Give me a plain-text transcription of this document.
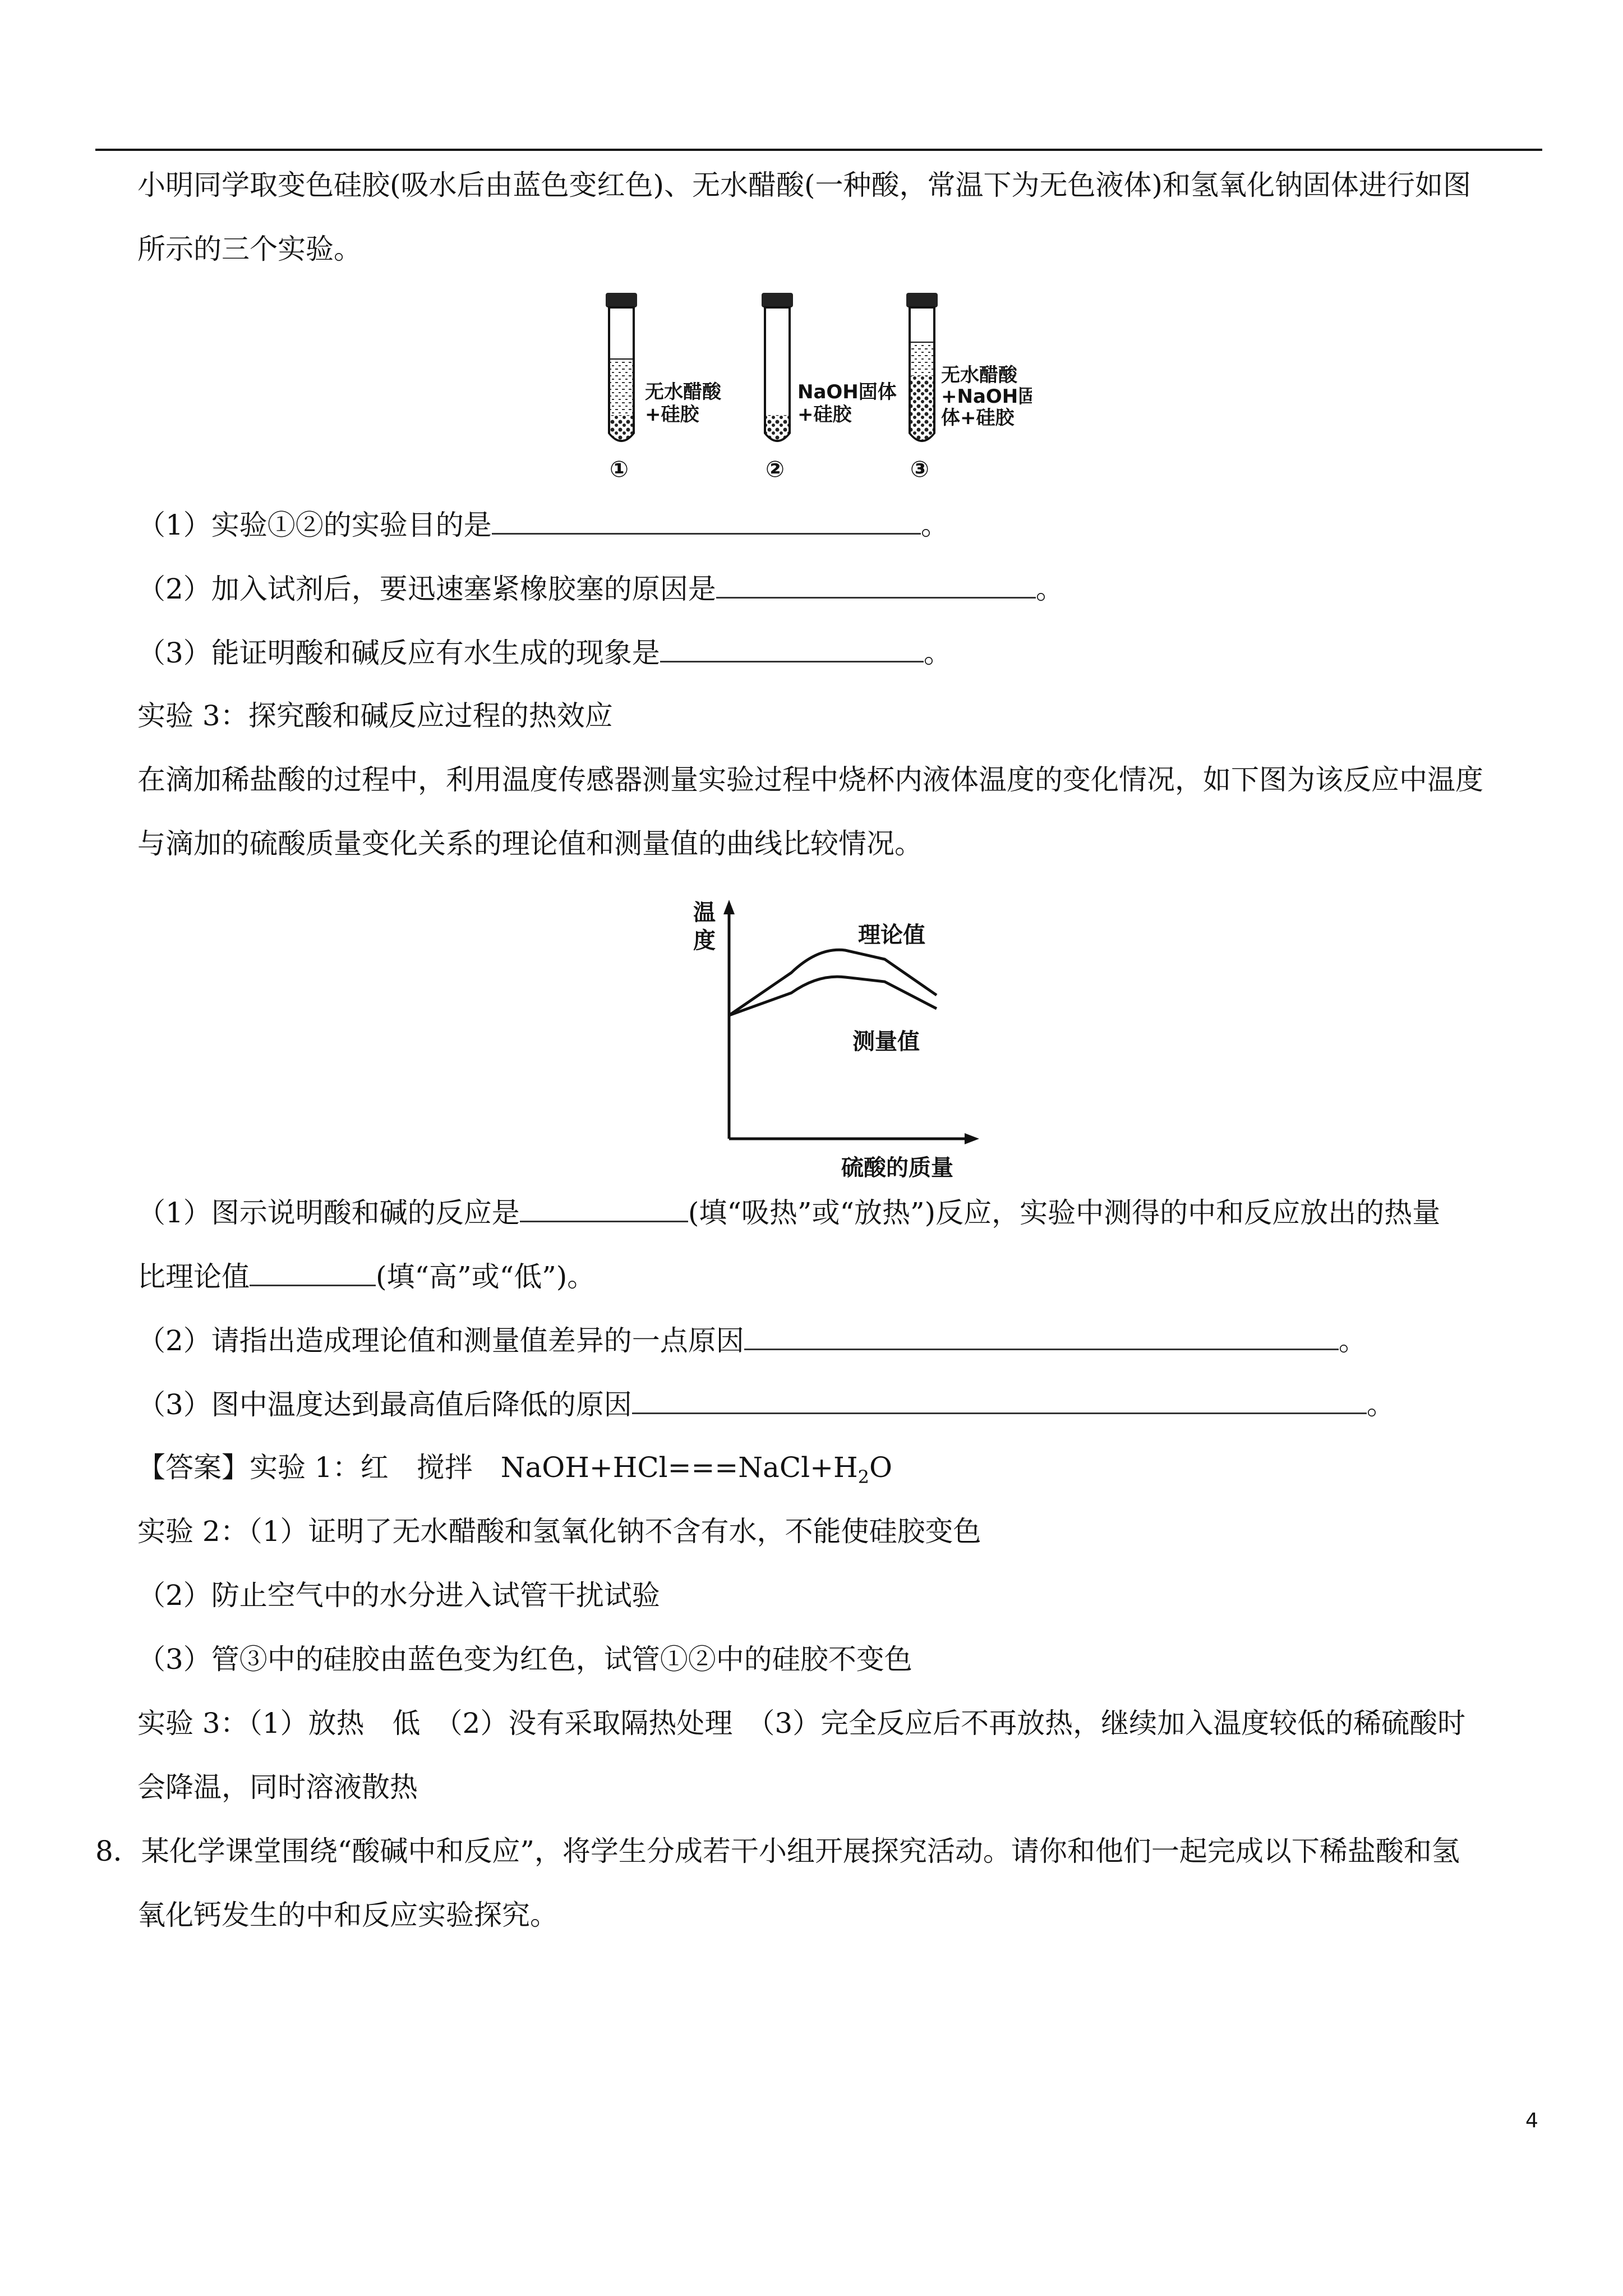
小明同学取变色硅胶(吸水后由蓝色变红色)、无水醋酸(一种酸，常温下为无色液体)和氢氧化钠固体进行如图
所示的三个实验。
无水醋酸
+硅胶
①
NaOH固体
+硅胶
②
无水醋酸
+NaOH固
体+硅胶
③
（1）实验①②的实验目的是	。
（2）加入试剂后，要迅速塞紧橡胶塞的原因是	。
（3）能证明酸和碱反应有水生成的现象是	。
实验 3：探究酸和碱反应过程的热效应
在滴加稀盐酸的过程中，利用温度传感器测量实验过程中烧杯内液体温度的变化情况，如下图为该反应中温度
与滴加的硫酸质量变化关系的理论值和测量值的曲线比较情况。
温
度
硫酸的质量
理论值
测量值
（1）图示说明酸和碱的反应是	(填“吸热”或“放热”)反应，实验中测得的中和反应放出的热量
比理论值	(填“高”或“低”)。
（2）请指出造成理论值和测量值差异的一点原因	。
（3）图中温度达到最高值后降低的原因	。
【答案】实验 1：红　搅拌　$NaOH+HCl===NaCl+H_2O$
实验 2：（1）证明了无水醋酸和氢氧化钠不含有水，不能使硅胶变色
（2）防止空气中的水分进入试管干扰试验
（3）管③中的硅胶由蓝色变为红色，试管①②中的硅胶不变色
实验 3：（1）放热　低　（2）没有采取隔热处理　（3）完全反应后不再放热，继续加入温度较低的稀硫酸时
会降温，同时溶液散热
8．某化学课堂围绕“酸碱中和反应”，将学生分成若干小组开展探究活动。请你和他们一起完成以下稀盐酸和氢
氧化钙发生的中和反应实验探究。
4
